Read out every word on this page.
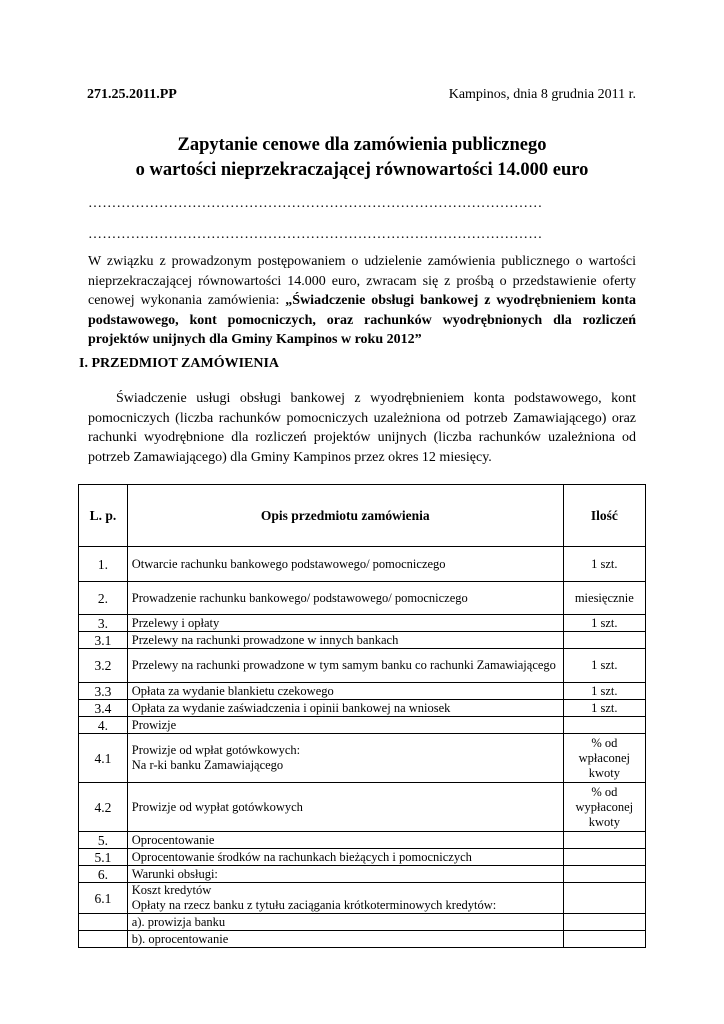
271.25.2011.PP	Kampinos, dnia 8 grudnia 2011 r.
Zapytanie cenowe dla zamówienia publicznego
o wartości nieprzekraczającej równowartości 14.000 euro
……………………………………………………………………………………
……………………………………………………………………………………
W związku z prowadzonym postępowaniem o udzielenie zamówienia publicznego o wartości nieprzekraczającej równowartości 14.000 euro, zwracam się z prośbą o przedstawienie oferty cenowej wykonania zamówienia: „Świadczenie obsługi bankowej z wyodrębnieniem konta podstawowego, kont pomocniczych, oraz rachunków wyodrębnionych dla rozliczeń projektów unijnych dla Gminy Kampinos w roku 2012”
I. PRZEDMIOT ZAMÓWIENIA
Świadczenie usługi obsługi bankowej z wyodrębnieniem konta podstawowego, kont pomocniczych (liczba rachunków pomocniczych uzależniona od potrzeb Zamawiającego) oraz rachunki wyodrębnione dla rozliczeń projektów unijnych (liczba rachunków uzależniona od potrzeb Zamawiającego) dla Gminy Kampinos przez okres 12 miesięcy.
L. p.	Opis przedmiotu zamówienia	Ilość
1.	Otwarcie rachunku bankowego podstawowego/ pomocniczego	1 szt.
2.	Prowadzenie rachunku bankowego/ podstawowego/ pomocniczego	miesięcznie
3.	Przelewy i opłaty	1 szt.
3.1	Przelewy na rachunki prowadzone w innych bankach	
3.2	Przelewy na rachunki prowadzone w tym samym banku co rachunki Zamawiającego	1 szt.
3.3	Opłata za wydanie blankietu czekowego	1 szt.
3.4	Opłata za wydanie zaświadczenia i opinii bankowej na wniosek	1 szt.
4.	Prowizje	
4.1	Prowizje od wpłat gotówkowych:
Na r-ki banku Zamawiającego	% od wpłaconej kwoty
4.2	Prowizje od wypłat gotówkowych	% od wypłaconej kwoty
5.	Oprocentowanie	
5.1	Oprocentowanie środków na rachunkach bieżących i pomocniczych	
6.	Warunki obsługi:	
6.1	Koszt kredytów
Opłaty na rzecz banku z tytułu zaciągania krótkoterminowych kredytów:	

	a). prowizja banku	
	b). oprocentowanie	
